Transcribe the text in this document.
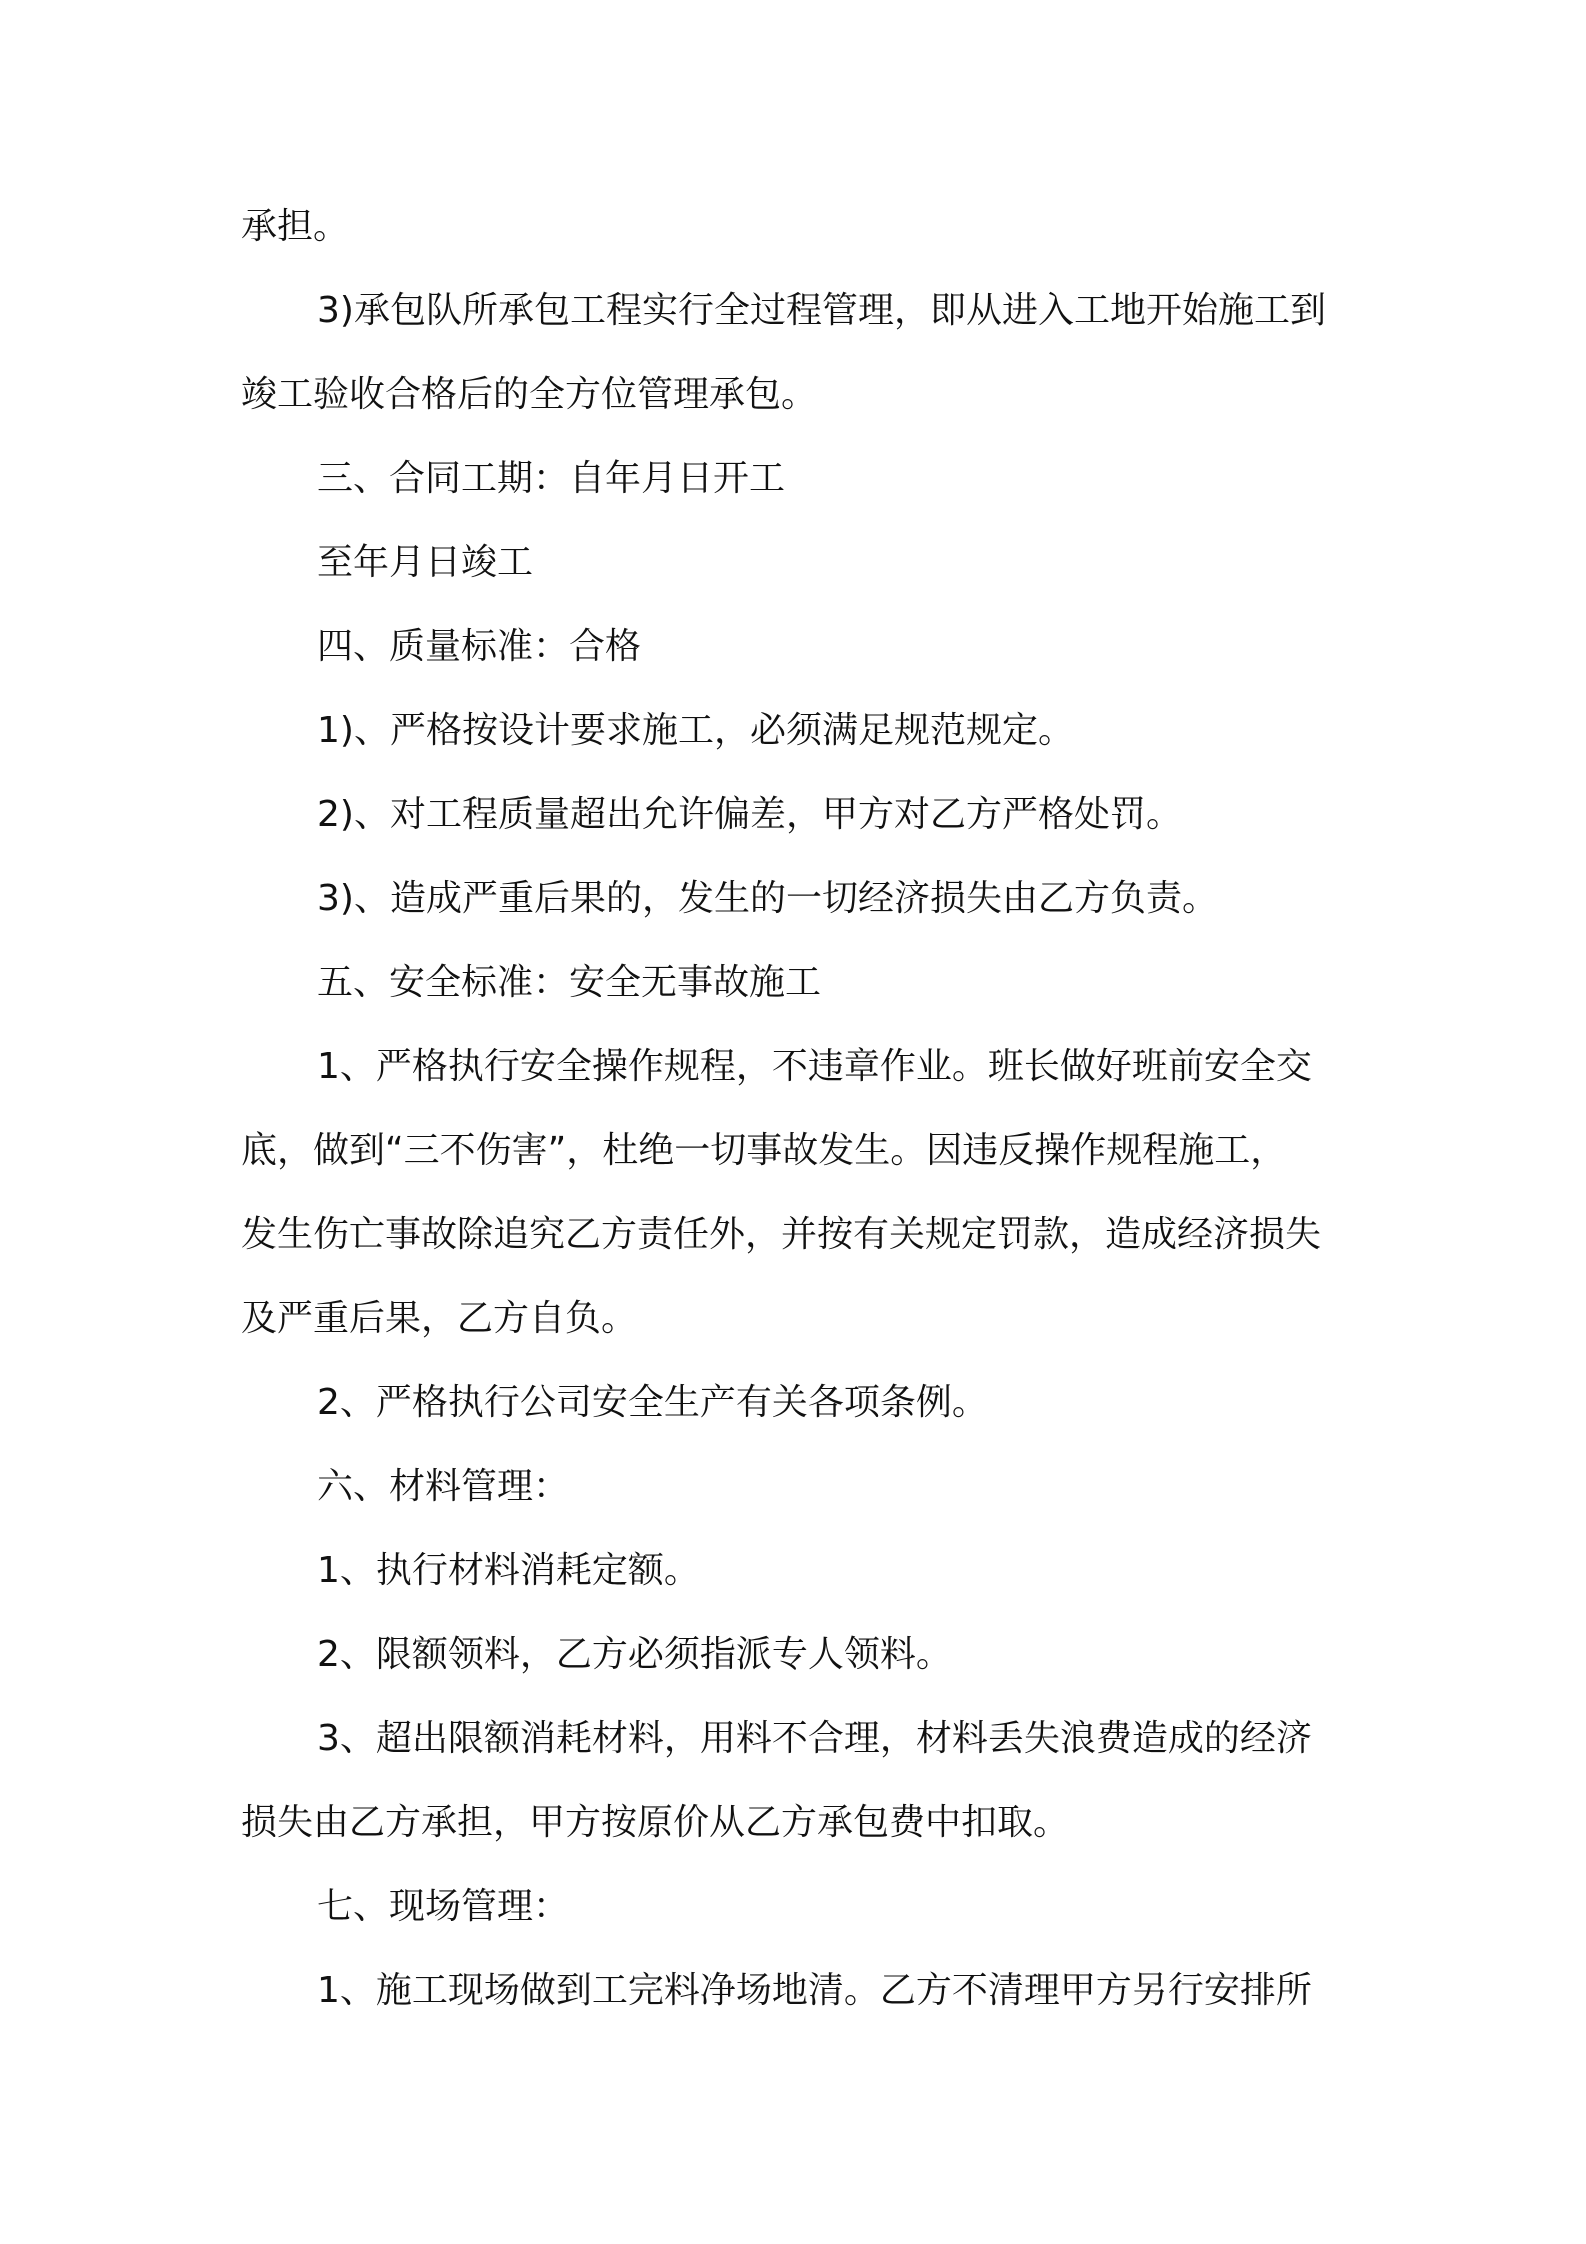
承担。
3)承包队所承包工程实行全过程管理，即从进入工地开始施工到
竣工验收合格后的全方位管理承包。
三、合同工期：自年月日开工
至年月日竣工
四、质量标准：合格
1)、严格按设计要求施工，必须满足规范规定。
2)、对工程质量超出允许偏差，甲方对乙方严格处罚。
3)、造成严重后果的，发生的一切经济损失由乙方负责。
五、安全标准：安全无事故施工
1、严格执行安全操作规程，不违章作业。班长做好班前安全交
底，做到“三不伤害”，杜绝一切事故发生。因违反操作规程施工，
发生伤亡事故除追究乙方责任外，并按有关规定罚款，造成经济损失
及严重后果，乙方自负。
2、严格执行公司安全生产有关各项条例。
六、材料管理：
1、执行材料消耗定额。
2、限额领料，乙方必须指派专人领料。
3、超出限额消耗材料，用料不合理，材料丢失浪费造成的经济
损失由乙方承担，甲方按原价从乙方承包费中扣取。
七、现场管理：
1、施工现场做到工完料净场地清。乙方不清理甲方另行安排所
